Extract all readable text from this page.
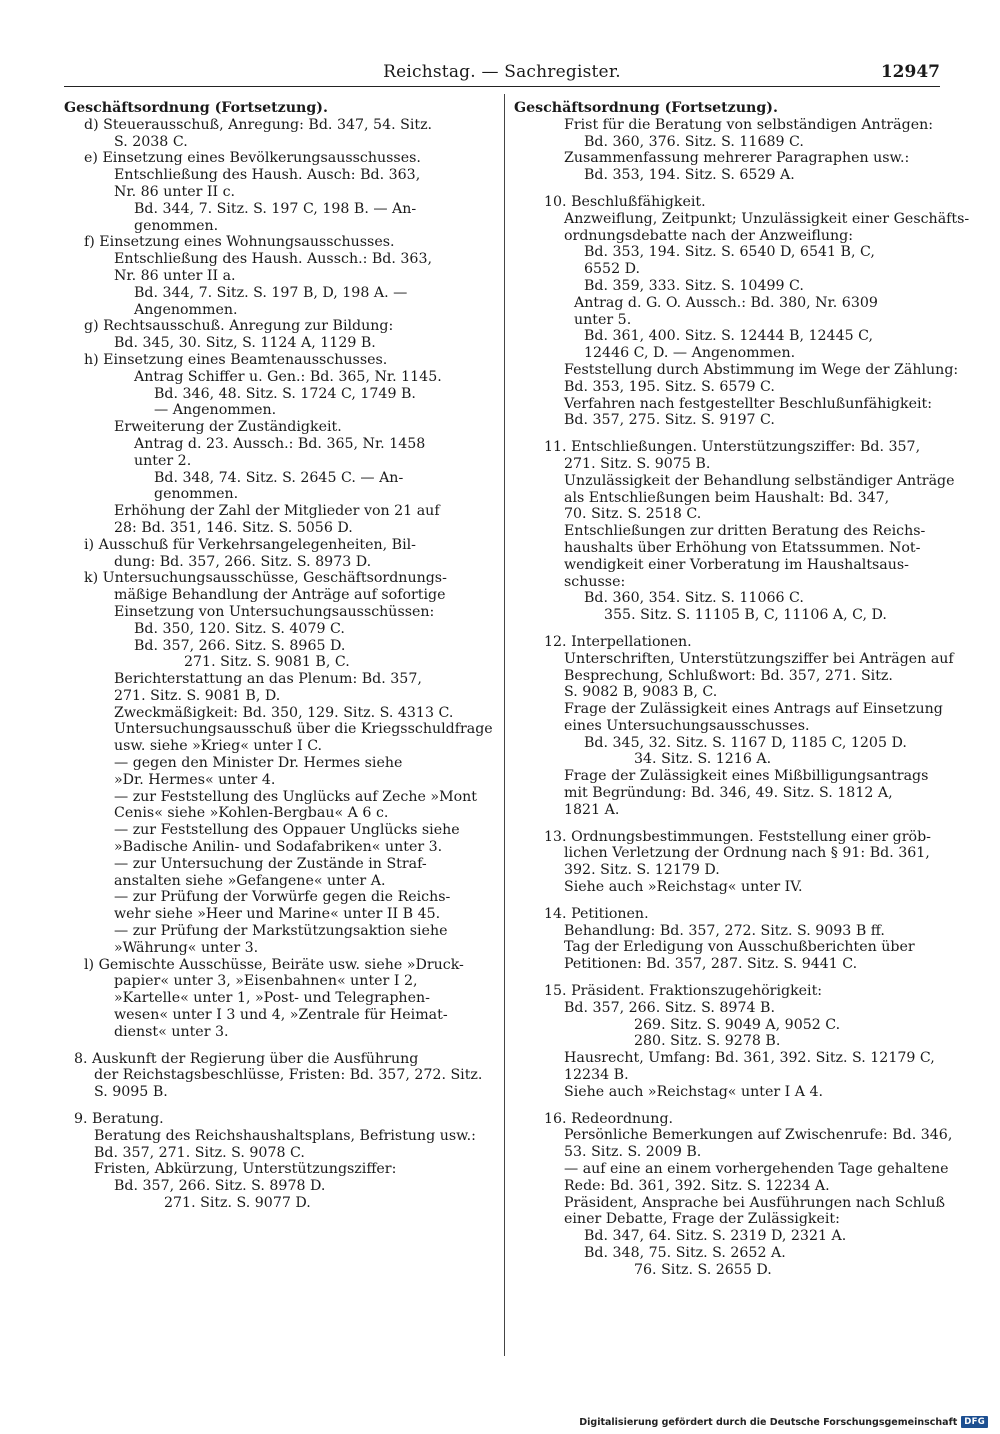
Reichstag. — Sachregister.	12947
Geschäftsordnung (Fortsetzung).
d) Steuerausschuß, Anregung: Bd. 347, 54. Sitz.
S. 2038 C.
e) Einsetzung eines Bevölkerungsausschusses.
Entschließung des Haush. Ausch: Bd. 363,
Nr. 86 unter II c.
Bd. 344, 7. Sitz. S. 197 C, 198 B. — An-
genommen.
f) Einsetzung eines Wohnungsausschusses.
Entschließung des Haush. Aussch.: Bd. 363,
Nr. 86 unter II a.
Bd. 344, 7. Sitz. S. 197 B, D, 198 A. —
Angenommen.
g) Rechtsausschuß. Anregung zur Bildung:
Bd. 345, 30. Sitz, S. 1124 A, 1129 B.
h) Einsetzung eines Beamtenausschusses.
Antrag Schiffer u. Gen.: Bd. 365, Nr. 1145.
Bd. 346, 48. Sitz. S. 1724 C, 1749 B.
— Angenommen.
Erweiterung der Zuständigkeit.
Antrag d. 23. Aussch.: Bd. 365, Nr. 1458
unter 2.
Bd. 348, 74. Sitz. S. 2645 C. — An-
genommen.
Erhöhung der Zahl der Mitglieder von 21 auf
28: Bd. 351, 146. Sitz. S. 5056 D.
i) Ausschuß für Verkehrsangelegenheiten, Bil-
dung: Bd. 357, 266. Sitz. S. 8973 D.
k) Untersuchungsausschüsse, Geschäftsordnungs-
mäßige Behandlung der Anträge auf sofortige
Einsetzung von Untersuchungsausschüssen:
Bd. 350, 120. Sitz. S. 4079 C.
Bd. 357, 266. Sitz. S. 8965 D.
271. Sitz. S. 9081 B, C.
Berichterstattung an das Plenum: Bd. 357,
271. Sitz. S. 9081 B, D.
Zweckmäßigkeit: Bd. 350, 129. Sitz. S. 4313 C.
Untersuchungsausschuß über die Kriegsschuldfrage
usw. siehe »Krieg« unter I C.
— gegen den Minister Dr. Hermes siehe
»Dr. Hermes« unter 4.
— zur Feststellung des Unglücks auf Zeche »Mont
Cenis« siehe »Kohlen-Bergbau« A 6 c.
— zur Feststellung des Oppauer Unglücks siehe
»Badische Anilin- und Sodafabriken« unter 3.
— zur Untersuchung der Zustände in Straf-
anstalten siehe »Gefangene« unter A.
— zur Prüfung der Vorwürfe gegen die Reichs-
wehr siehe »Heer und Marine« unter II B 45.
— zur Prüfung der Markstützungsaktion siehe
»Währung« unter 3.
l) Gemischte Ausschüsse, Beiräte usw. siehe »Druck-
papier« unter 3, »Eisenbahnen« unter I 2,
»Kartelle« unter 1, »Post- und Telegraphen-
wesen« unter I 3 und 4, »Zentrale für Heimat-
dienst« unter 3.
8. Auskunft der Regierung über die Ausführung
der Reichstagsbeschlüsse, Fristen: Bd. 357, 272. Sitz.
S. 9095 B.
9. Beratung.
Beratung des Reichshaushaltsplans, Befristung usw.:
Bd. 357, 271. Sitz. S. 9078 C.
Fristen, Abkürzung, Unterstützungsziffer:
Bd. 357, 266. Sitz. S. 8978 D.
271. Sitz. S. 9077 D.
Geschäftsordnung (Fortsetzung).
Frist für die Beratung von selbständigen Anträgen:
Bd. 360, 376. Sitz. S. 11689 C.
Zusammenfassung mehrerer Paragraphen usw.:
Bd. 353, 194. Sitz. S. 6529 A.
10. Beschlußfähigkeit.
Anzweiflung, Zeitpunkt; Unzulässigkeit einer Geschäfts-
ordnungsdebatte nach der Anzweiflung:
Bd. 353, 194. Sitz. S. 6540 D, 6541 B, C,
6552 D.
Bd. 359, 333. Sitz. S. 10499 C.
Antrag d. G. O. Aussch.: Bd. 380, Nr. 6309
unter 5.
Bd. 361, 400. Sitz. S. 12444 B, 12445 C,
12446 C, D. — Angenommen.
Feststellung durch Abstimmung im Wege der Zählung:
Bd. 353, 195. Sitz. S. 6579 C.
Verfahren nach festgestellter Beschlußunfähigkeit:
Bd. 357, 275. Sitz. S. 9197 C.
11. Entschließungen. Unterstützungsziffer: Bd. 357,
271. Sitz. S. 9075 B.
Unzulässigkeit der Behandlung selbständiger Anträge
als Entschließungen beim Haushalt: Bd. 347,
70. Sitz. S. 2518 C.
Entschließungen zur dritten Beratung des Reichs-
haushalts über Erhöhung von Etatssummen. Not-
wendigkeit einer Vorberatung im Haushaltsaus-
schusse:
Bd. 360, 354. Sitz. S. 11066 C.
355. Sitz. S. 11105 B, C, 11106 A, C, D.
12. Interpellationen.
Unterschriften, Unterstützungsziffer bei Anträgen auf
Besprechung, Schlußwort: Bd. 357, 271. Sitz.
S. 9082 B, 9083 B, C.
Frage der Zulässigkeit eines Antrags auf Einsetzung
eines Untersuchungsausschusses.
Bd. 345, 32. Sitz. S. 1167 D, 1185 C, 1205 D.
34. Sitz. S. 1216 A.
Frage der Zulässigkeit eines Mißbilligungsantrags
mit Begründung: Bd. 346, 49. Sitz. S. 1812 A,
1821 A.
13. Ordnungsbestimmungen. Feststellung einer gröb-
lichen Verletzung der Ordnung nach § 91: Bd. 361,
392. Sitz. S. 12179 D.
Siehe auch »Reichstag« unter IV.
14. Petitionen.
Behandlung: Bd. 357, 272. Sitz. S. 9093 B ff.
Tag der Erledigung von Ausschußberichten über
Petitionen: Bd. 357, 287. Sitz. S. 9441 C.
15. Präsident. Fraktionszugehörigkeit:
Bd. 357, 266. Sitz. S. 8974 B.
269. Sitz. S. 9049 A, 9052 C.
280. Sitz. S. 9278 B.
Hausrecht, Umfang: Bd. 361, 392. Sitz. S. 12179 C,
12234 B.
Siehe auch »Reichstag« unter I A 4.
16. Redeordnung.
Persönliche Bemerkungen auf Zwischenrufe: Bd. 346,
53. Sitz. S. 2009 B.
— auf eine an einem vorhergehenden Tage gehaltene
Rede: Bd. 361, 392. Sitz. S. 12234 A.
Präsident, Ansprache bei Ausführungen nach Schluß
einer Debatte, Frage der Zulässigkeit:
Bd. 347, 64. Sitz. S. 2319 D, 2321 A.
Bd. 348, 75. Sitz. S. 2652 A.
76. Sitz. S. 2655 D.
Digitalisierung gefördert durch die Deutsche Forschungsgemeinschaft DFG
